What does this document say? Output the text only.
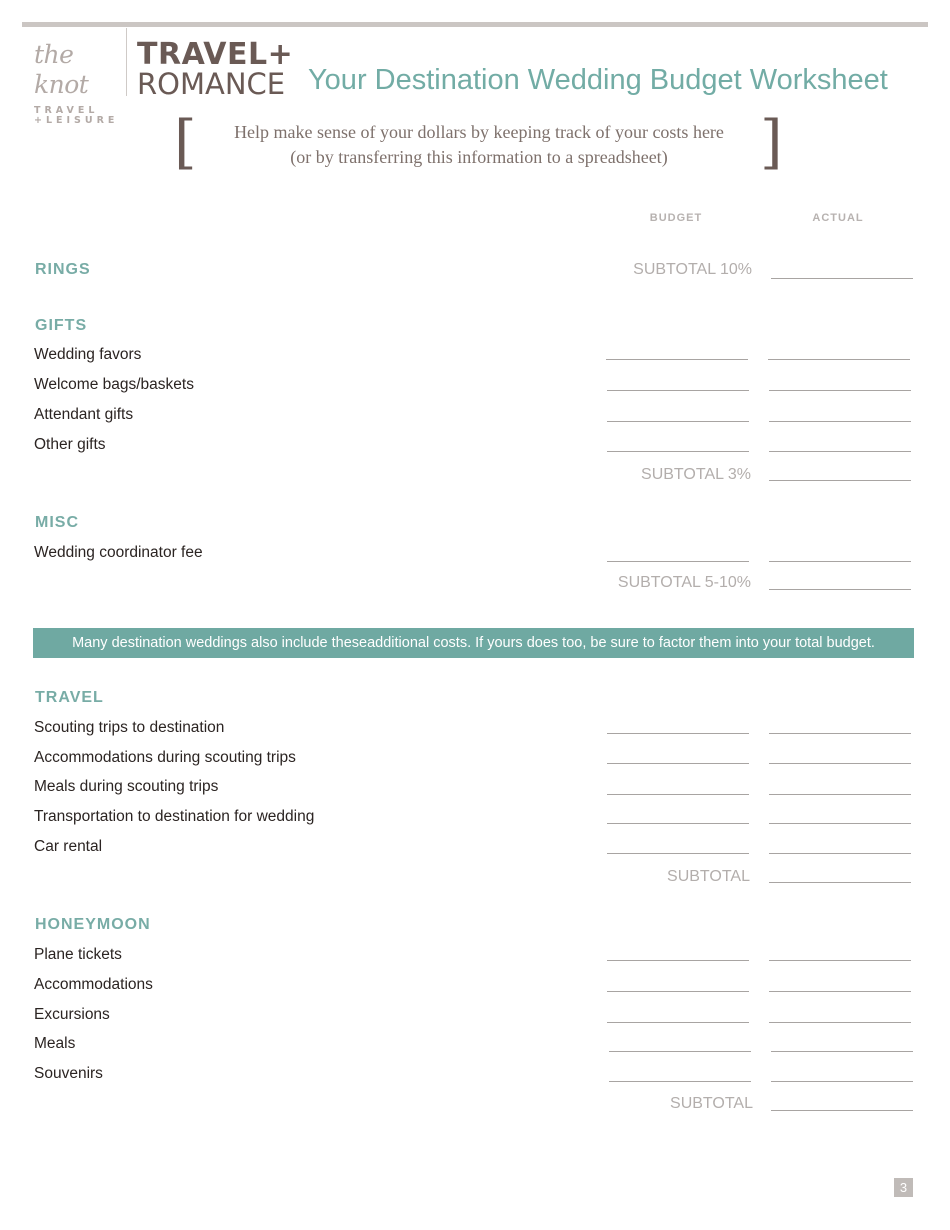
the knot
TRAVEL
+LEISURE
TRAVEL+
ROMANCE Your Destination Wedding Budget Worksheet
[	Help make sense of your dollars by keeping track of your costs here
(or by transferring this information to a spreadsheet)	]
BUDGET	ACTUAL
RINGS	SUBTOTAL 10%
GIFTS
Wedding favors
Welcome bags/baskets
Attendant gifts
Other gifts
SUBTOTAL 3%
MISC
Wedding coordinator fee
SUBTOTAL 5-10%
Many destination weddings also include theseadditional costs. If yours does too, be sure to factor them into your total budget.
TRAVEL
Scouting trips to destination
Accommodations during scouting trips
Meals during scouting trips
Transportation to destination for wedding
Car rental
SUBTOTAL
HONEYMOON
Plane tickets
Accommodations
Excursions
Meals
Souvenirs
SUBTOTAL
3
